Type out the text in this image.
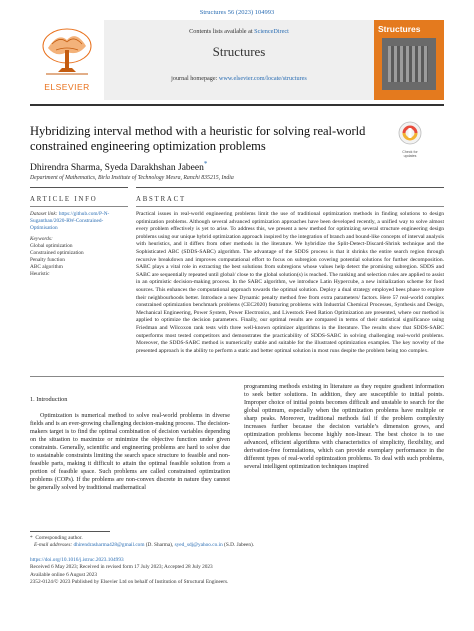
Structures 56 (2023) 104993
ELSEVIER
Contents lists available at ScienceDirect
Structures
journal homepage: www.elsevier.com/locate/structures
Structures
Hybridizing interval method with a heuristic for solving real-world constrained engineering optimization problems	Check for updates
Dhirendra Sharma, Syeda Darakhshan Jabeen*
Department of Mathematics, Birla Institute of Technology Mesra, Ranchi 835215, India
ARTICLE INFO	ABSTRACT
Dataset link: https://github.com/P-N-Suganthan/2020-RW-Constrained-Optimisation
Keywords:
Global optimization
Constrained optimization
Penalty function
ABC algorithm
Heuristic
Practical issues in real-world engineering problems limit the use of traditional optimization methods in finding solutions to design optimization problems. Although several advanced optimization approaches have been developed recently, a unified way to solve almost every problem effectively is yet to arise. To address this, we present a new method for optimizing several structure engineering design problems using our unique hybrid optimization approach inspired by the integration of branch and bound-like concepts of interval analysis with heuristics, and it differs from other methods in the literature. We hybridize the Split-Detect-Discard-Shrink technique and the Sophisticated ABC (SDDS-SABC) algorithm. The advantage of the SDDS process is that it shrinks the entire search region through recursive breakdown and improves computational effort to focus on subregion covering potential solutions for further decomposition. SABC plays a vital role in extracting the best solutions from subregions whose values help detect the promising subregion. SDDS and SABC are sequentially repeated until global/ close to the global solution(s) is reached. The ranking and selection rules are applied to assist in an optimistic decision-making process. In the SABC algorithm, we introduce Latin Hypercube, a new initialization scheme for food sources. This enhances the computational approach towards the optimal solution. Deploy a dual strategy employed bees phase to explore their neighbourhoods better. Introduce a new Dynamic penalty method free from extra parameters/ factors. Here 57 real-world complex constrained optimization benchmark problems (CEC2020) featuring problems with Industrial Chemical Processes, Synthesis and Design, Mechanical Engineering, Power System, Power Electronics, and Livestock Feed Ration Optimization are presented, where our method is applied to optimize the decision parameters. Finally, our optimal results are compared in terms of their statistical significance using Friedman and Wilcoxon rank tests with three well-known optimizer algorithms in the literature. The results show that SDDS-SABC outperforms most tested competitors and demonstrates the practicability of SDDS-SABC in solving challenging real-world problems. Moreover, the SDDS-SABC method is numerically stable and suitable for the illustrated optimization examples. The key novelty of the presented approach is the ability to perform a static and better optimal solution in most runs despite the problem being too complex.
1. Introduction
Optimization is numerical method to solve real-world problems in diverse fields and is an ever-growing challenging decision-making process. The decision-makers target is to find the optimal combination of decision variables depending on the situation to maximize or minimize the objective function under given constraints. Generally, scientific and engineering problems are hard to solve due to sustainable constraints limiting the search space structure to feasible and non-feasible parts, making it difficult to attain the optimal feasible solution from a portion of feasible space. Such problems are called constrained optimization problems (COPs). If the problems are non-convex discrete in nature they cannot be generally solved by traditional mathematical
programming methods existing in literature as they require gradient information to seek better solutions. In addition, they are susceptible to initial points. Improper choice of initial points becomes difficult and unstable to search for the global optimum, especially when the optimization problems have multiple or sharp peaks. Moreover, traditional methods fail if the problem complexity increases further because the decision variable’s dimension grows, and optimization problems become highly non-linear. The best choice is to use advanced, efficient algorithms with characteristics of simplicity, flexibility, and derivation-free formulations, which can provide exemplary performance in the different types of real-world optimization problems. To deal with such problems, several intelligent optimization techniques inspired
* Corresponding author.
E-mail addresses: dhirendrasharma428@gmail.com (D. Sharma), syed_sdj@yahoo.co.in (S.D. Jabeen).
https://doi.org/10.1016/j.istruc.2023.104993
Received 6 May 2023; Received in revised form 17 July 2023; Accepted 28 July 2023
Available online 6 August 2023
2352-0124/© 2023 Published by Elsevier Ltd on behalf of Institution of Structural Engineers.
